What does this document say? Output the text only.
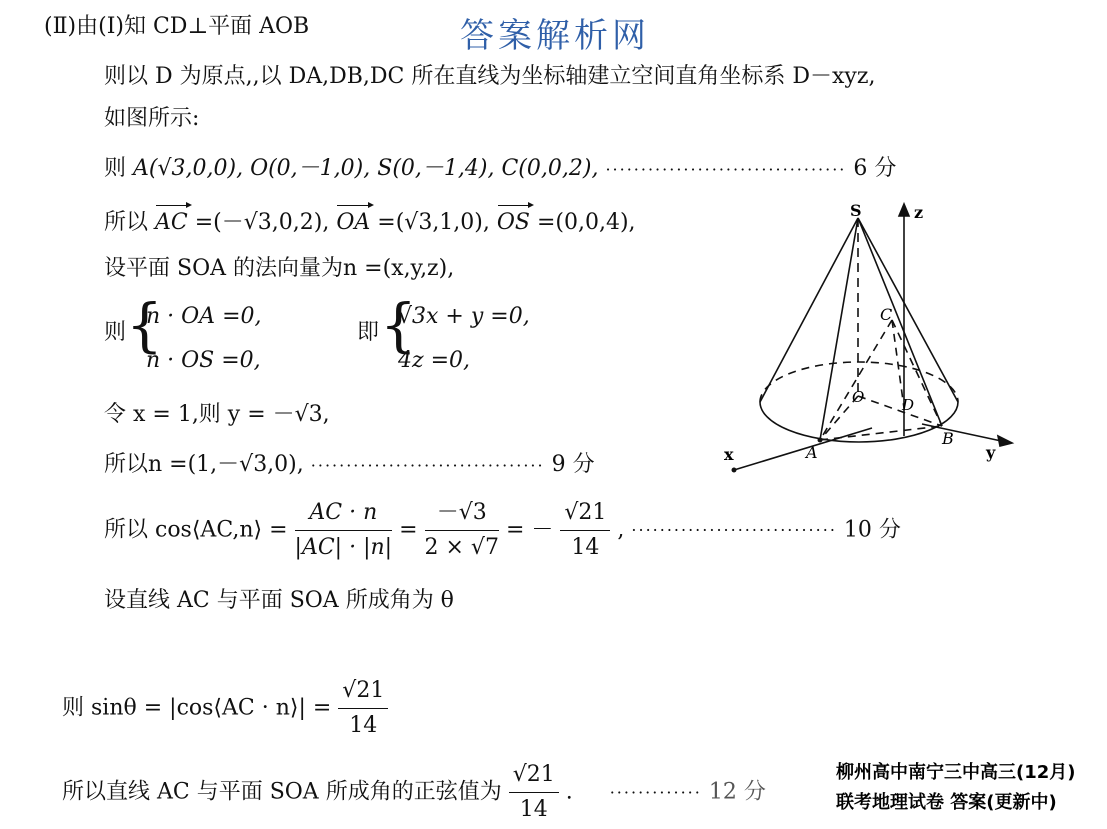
答案解析网
(Ⅱ)由(Ⅰ)知 CD⊥平面 AOB
则以 D 为原点,,以 DA,DB,DC 所在直线为坐标轴建立空间直角坐标系 D－xyz,
如图所示:
则 A(√3,0,0), O(0,－1,0), S(0,－1,4), C(0,0,2), ·································· 6 分
所以 AC =(－√3,0,2), OA =(√3,1,0), OS =(0,0,4),
设平面 SOA 的法向量为n =(x,y,z),
则 {
n · OA =0,
n · OS =0,
即 {
√3x + y =0,
4z =0,
令 x = 1,则 y = －√3,
所以n =(1,－√3,0), ································· 9 分
所以 cos⟨AC,n⟩ = $\frac{AC \cdot n}{|AC| \cdot |n|} = \frac{-√3}{2 \times √7}$ = － $\frac{√21}{14}$ , ····························· 10 分
设直线 AC 与平面 SOA 所成角为 θ
则 sinθ = |cos⟨AC · n⟩| = $\frac{√21}{14}$
所以直线 AC 与平面 SOA 所成角的正弦值为 $\frac{√21}{14}$ . ············· 12 分
柳州高中南宁三中高三(12月)
联考地理试卷 答案(更新中)
S	z
C
O	D
A
B
x	y
